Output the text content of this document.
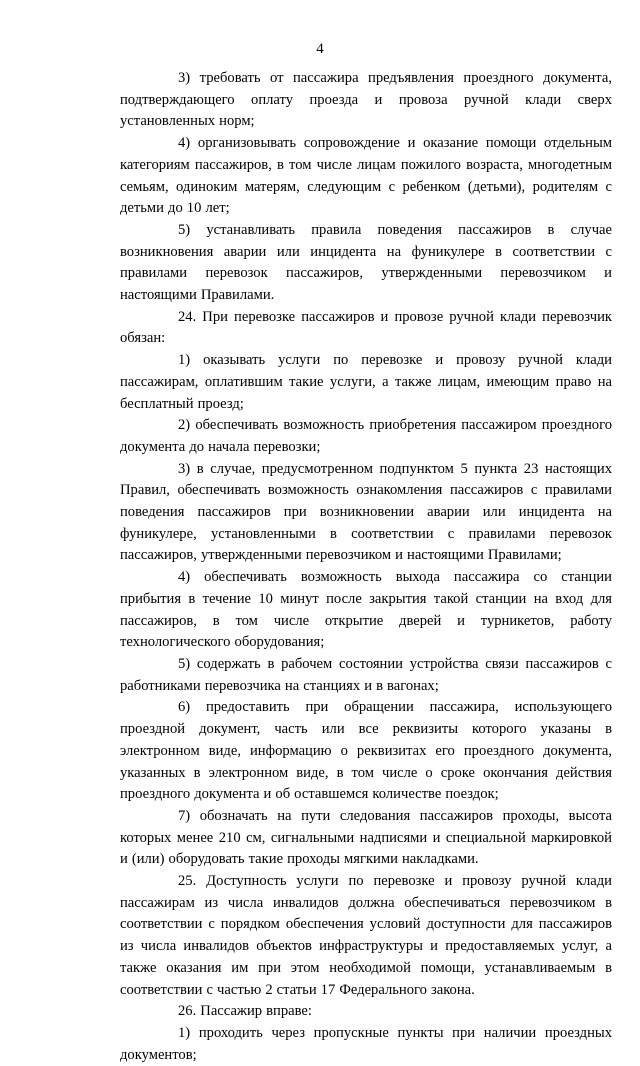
4

3) требовать от пассажира предъявления проездного документа, подтверждающего оплату проезда и провоза ручной клади сверх установленных норм;

4) организовывать сопровождение и оказание помощи отдельным категориям пассажиров, в том числе лицам пожилого возраста, многодетным семьям, одиноким матерям, следующим с ребенком (детьми), родителям с детьми до 10 лет;

5) устанавливать правила поведения пассажиров в случае возникновения аварии или инцидента на фуникулере в соответствии с правилами перевозок пассажиров, утвержденными перевозчиком и настоящими Правилами.

24. При перевозке пассажиров и провозе ручной клади перевозчик обязан:

1) оказывать услуги по перевозке и провозу ручной клади пассажирам, оплатившим такие услуги, а также лицам, имеющим право на бесплатный проезд;

2) обеспечивать возможность приобретения пассажиром проездного документа до начала перевозки;

3) в случае, предусмотренном подпунктом 5 пункта 23 настоящих Правил, обеспечивать возможность ознакомления пассажиров с правилами поведения пассажиров при возникновении аварии или инцидента на фуникулере, установленными в соответствии с правилами перевозок пассажиров, утвержденными перевозчиком и настоящими Правилами;

4) обеспечивать возможность выхода пассажира со станции прибытия в течение 10 минут после закрытия такой станции на вход для пассажиров, в том числе открытие дверей и турникетов, работу технологического оборудования;

5) содержать в рабочем состоянии устройства связи пассажиров с работниками перевозчика на станциях и в вагонах;

6) предоставить при обращении пассажира, использующего проездной документ, часть или все реквизиты которого указаны в электронном виде, информацию о реквизитах его проездного документа, указанных в электронном виде, в том числе о сроке окончания действия проездного документа и об оставшемся количестве поездок;

7) обозначать на пути следования пассажиров проходы, высота которых менее 210 см, сигнальными надписями и специальной маркировкой и (или) оборудовать такие проходы мягкими накладками.

25. Доступность услуги по перевозке и провозу ручной клади пассажирам из числа инвалидов должна обеспечиваться перевозчиком в соответствии с порядком обеспечения условий доступности для пассажиров из числа инвалидов объектов инфраструктуры и предоставляемых услуг, а также оказания им при этом необходимой помощи, устанавливаемым в соответствии с частью 2 статьи 17 Федерального закона.

26. Пассажир вправе:

1) проходить через пропускные пункты при наличии проездных документов;
